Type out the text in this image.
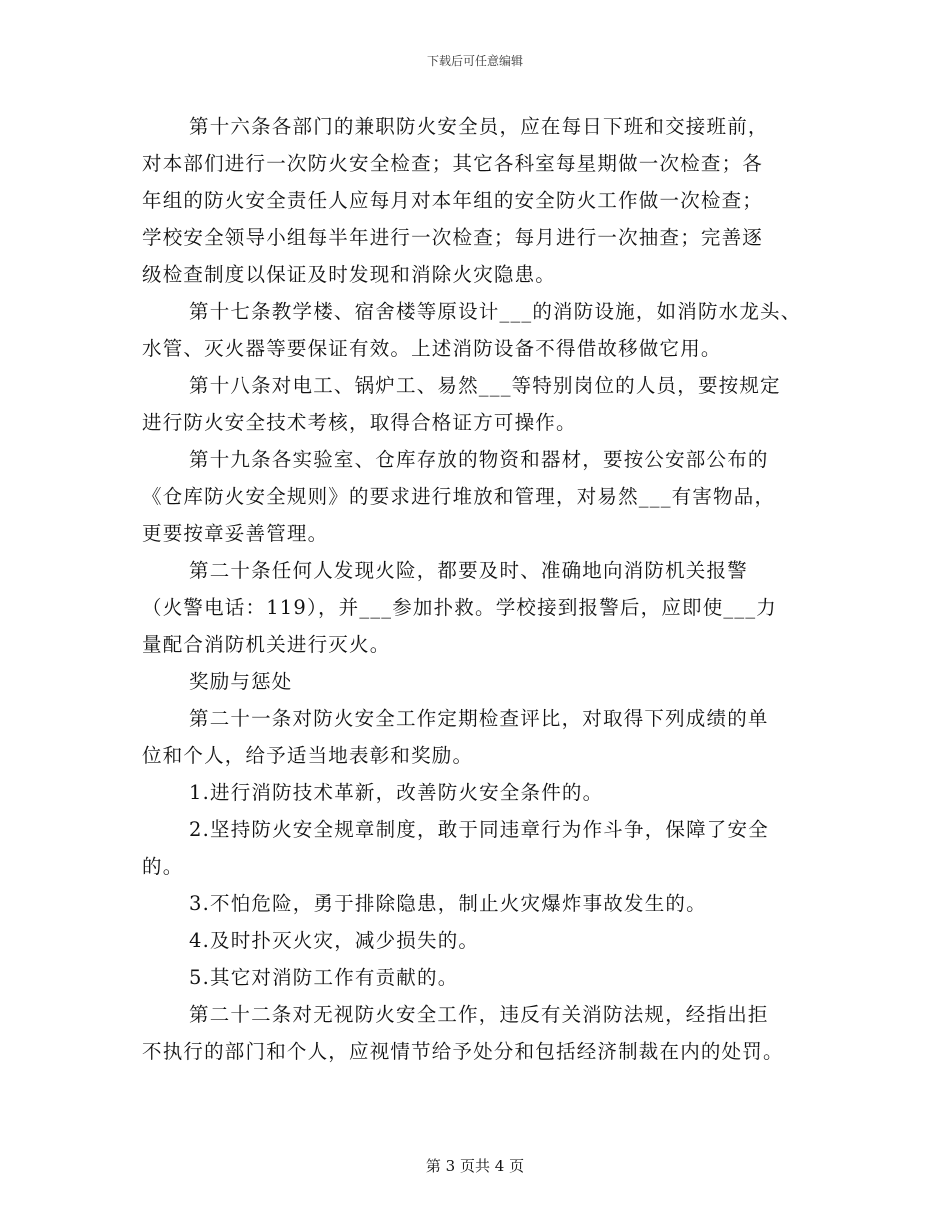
下载后可任意编辑
第十六条各部门的兼职防火安全员，应在每日下班和交接班前，
对本部们进行一次防火安全检查；其它各科室每星期做一次检查；各
年组的防火安全责任人应每月对本年组的安全防火工作做一次检查；
学校安全领导小组每半年进行一次检查；每月进行一次抽查；完善逐
级检查制度以保证及时发现和消除火灾隐患。
第十七条教学楼、宿舍楼等原设计___的消防设施，如消防水龙头、
水管、灭火器等要保证有效。上述消防设备不得借故移做它用。
第十八条对电工、锅炉工、易然___等特别岗位的人员，要按规定
进行防火安全技术考核，取得合格证方可操作。
第十九条各实验室、仓库存放的物资和器材，要按公安部公布的
《仓库防火安全规则》的要求进行堆放和管理，对易然___有害物品，
更要按章妥善管理。
第二十条任何人发现火险，都要及时、准确地向消防机关报警
（火警电话：119），并___参加扑救。学校接到报警后，应即使___力
量配合消防机关进行灭火。
奖励与惩处
第二十一条对防火安全工作定期检查评比，对取得下列成绩的单
位和个人，给予适当地表彰和奖励。
1.进行消防技术革新，改善防火安全条件的。
2.坚持防火安全规章制度，敢于同违章行为作斗争，保障了安全
的。
3.不怕危险，勇于排除隐患，制止火灾爆炸事故发生的。
4.及时扑灭火灾，减少损失的。
5.其它对消防工作有贡献的。
第二十二条对无视防火安全工作，违反有关消防法规，经指出拒
不执行的部门和个人，应视情节给予处分和包括经济制裁在内的处罚。
第 3 页共 4 页
